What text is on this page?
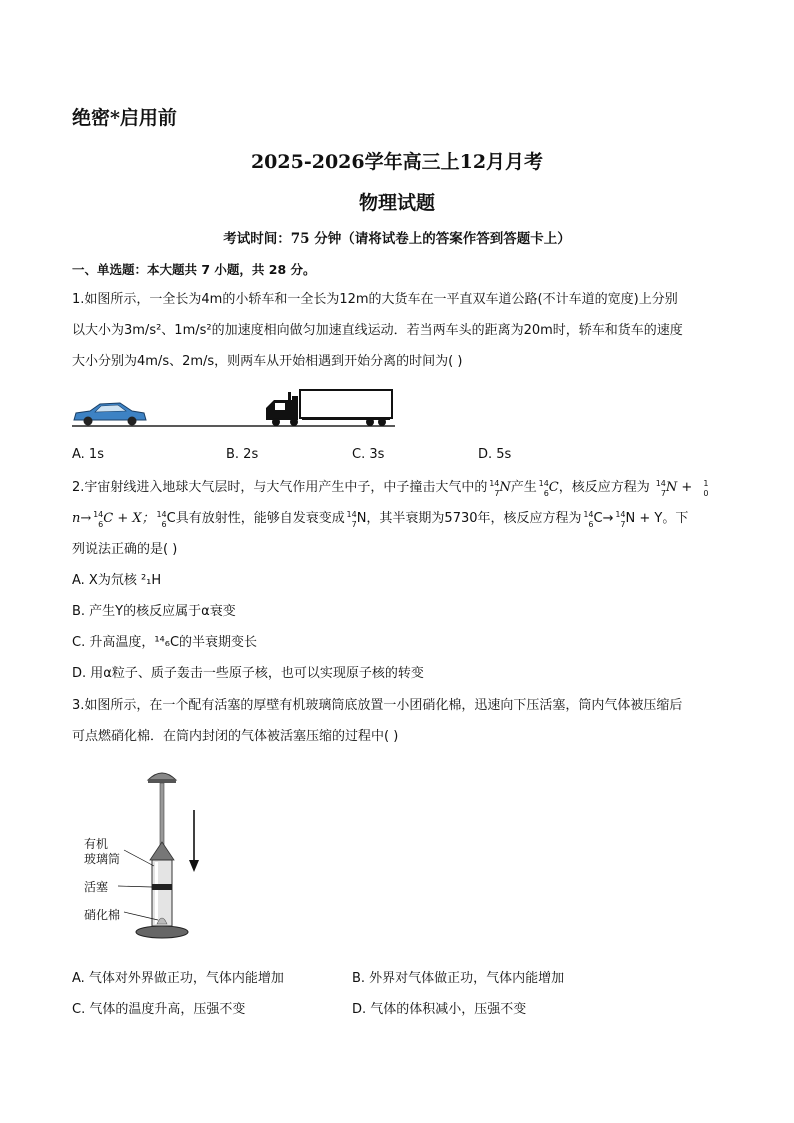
绝密*启用前
2025-2026学年高三上12月月考
物理试题
考试时间：75 分钟（请将试卷上的答案作答到答题卡上）
一、单选题：本大题共 7 小题，共 28 分。
1.如图所示，一全长为4m的小轿车和一全长为12m的大货车在一平直双车道公路(不计车道的宽度)上分别
以大小为3m/s²、1m/s²的加速度相向做匀加速直线运动．若当两车头的距离为20m时，轿车和货车的速度
大小分别为4m/s、2m/s，则两车从开始相遇到开始分离的时间为( )
A. 1s	B. 2s	C. 3s	D. 5s
2.宇宙射线进入地球大气层时，与大气作用产生中子，中子撞击大气中的 14
7 N产生 14
6 C，核反应方程为 14
7 N + 1
0
n→ 14
6 C + X； 14
6 C具有放射性，能够自发衰变成 14
7 N，其半衰期为5730年，核反应方程为 14
6 C→ 14
7 N + Y。下
列说法正确的是( )
A. X为氘核 ²₁H
B. 产生Y的核反应属于α衰变
C. 升高温度，¹⁴₆C的半衰期变长
D. 用α粒子、质子轰击一些原子核，也可以实现原子核的转变
3.如图所示，在一个配有活塞的厚壁有机玻璃筒底放置一小团硝化棉，迅速向下压活塞，筒内气体被压缩后
可点燃硝化棉．在筒内封闭的气体被活塞压缩的过程中( )
有机
玻璃筒
活塞
硝化棉
A. 气体对外界做正功，气体内能增加	B. 外界对气体做正功，气体内能增加
C. 气体的温度升高，压强不变	D. 气体的体积减小，压强不变
